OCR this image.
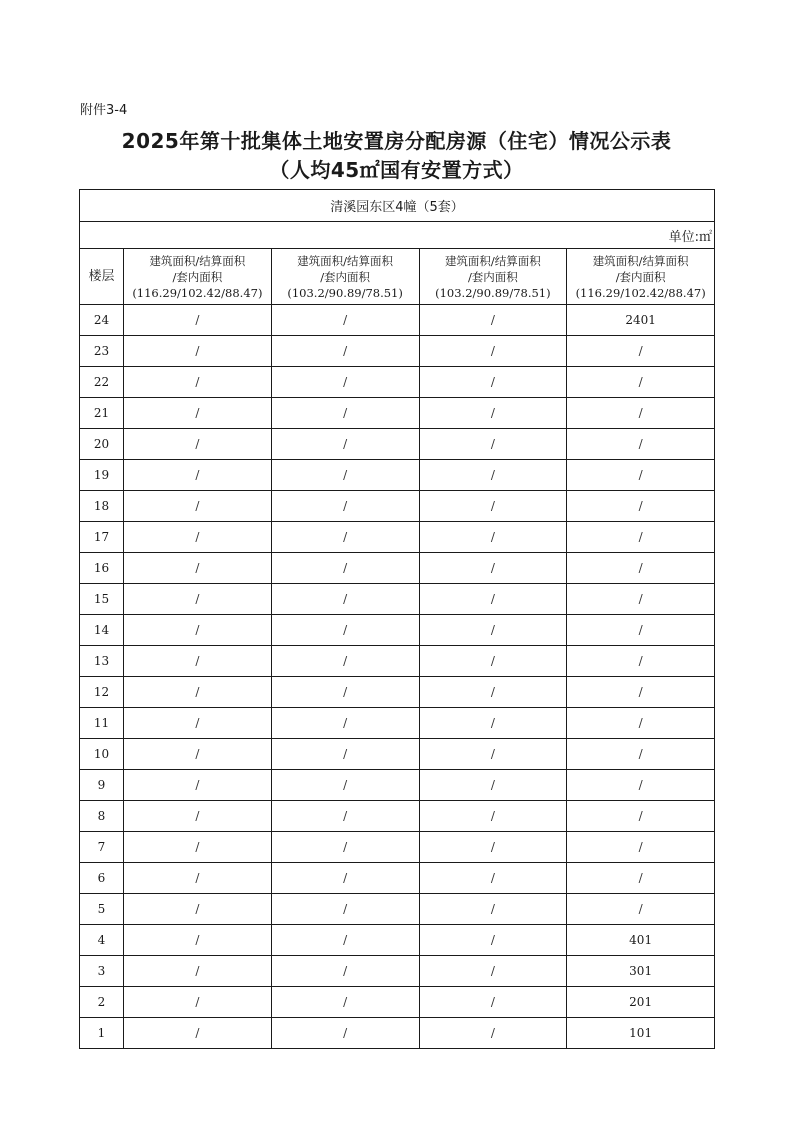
附件3-4
2025年第十批集体土地安置房分配房源（住宅）情况公示表
（人均45㎡国有安置方式）
清溪园东区4幢（5套）				
单位:㎡				
楼层	建筑面积/结算面积
/套内面积
(116.29/102.42/88.47)	建筑面积/结算面积
/套内面积
(103.2/90.89/78.51)	建筑面积/结算面积
/套内面积
(103.2/90.89/78.51)	建筑面积/结算面积
/套内面积
(116.29/102.42/88.47)

24	/	/	/	2401
23	/	/	/	/
22	/	/	/	/
21	/	/	/	/
20	/	/	/	/
19	/	/	/	/
18	/	/	/	/
17	/	/	/	/
16	/	/	/	/
15	/	/	/	/
14	/	/	/	/
13	/	/	/	/
12	/	/	/	/
11	/	/	/	/
10	/	/	/	/
9	/	/	/	/
8	/	/	/	/
7	/	/	/	/
6	/	/	/	/
5	/	/	/	/
4	/	/	/	401
3	/	/	/	301
2	/	/	/	201
1	/	/	/	101
